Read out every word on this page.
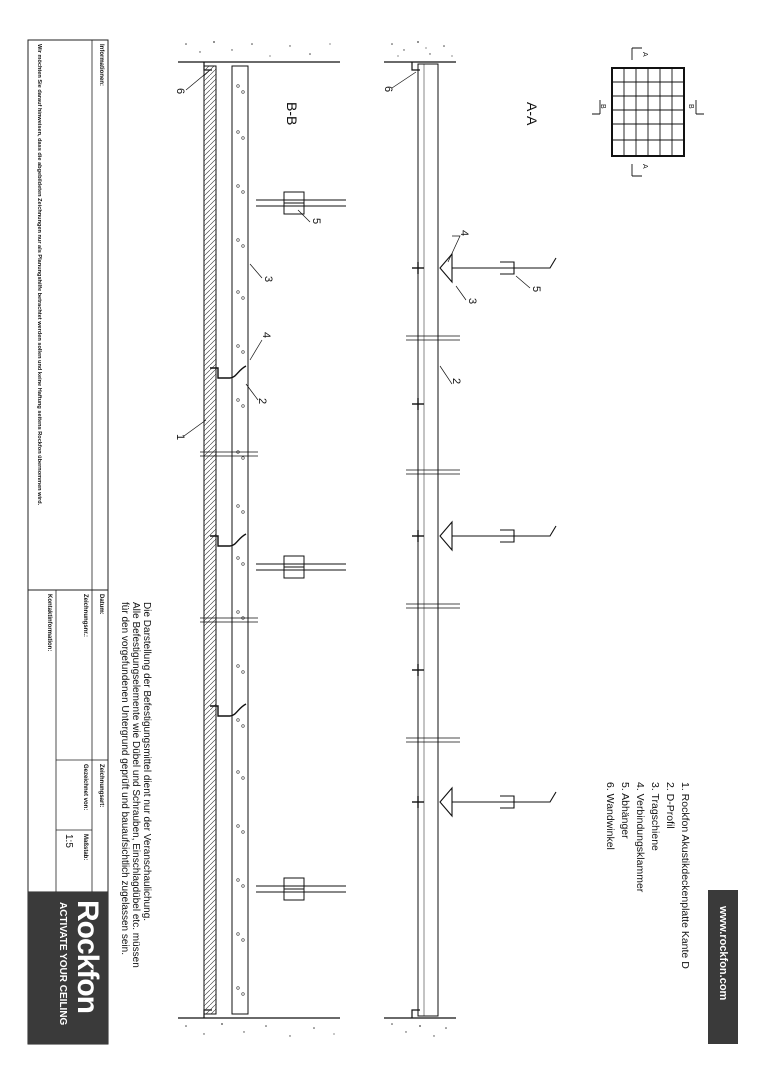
www.rockfon.com
1. Rockfon Akustikdeckenplatte Kante D
2. D-Profil
3. Tragschiene
4. Verbindungsklammer
5. Abhänger
6. Wandwinkel
Die Darstellung der Befestigungsmittel dient nur der Veranschaulichung.
Alle Befestigungselemente wie Dübel und Schrauben, Einschlagdübel etc. müssen
für den vorgefundenen Untergrund geprüft und bauaufsichtlich zugelassen sein.
A-A
B-B
A
A
B	B
4
3
5
2
6
6
5
3
4
2
1
Informationen:
Wir möchten Sie darauf hinweisen, dass die abgebildeten Zeichnungen nur als Planungshilfe betrachtet werden sollen und keine Haftung seitens Rockfon übernommen wird.
Datum:
Zeichnungsnr.:
Kontaktinformation:
Zeichnungsart:
Gezeichnet von:
Maßstab:
1:5
Rockfon
ACTIVATE YOUR CEILING
